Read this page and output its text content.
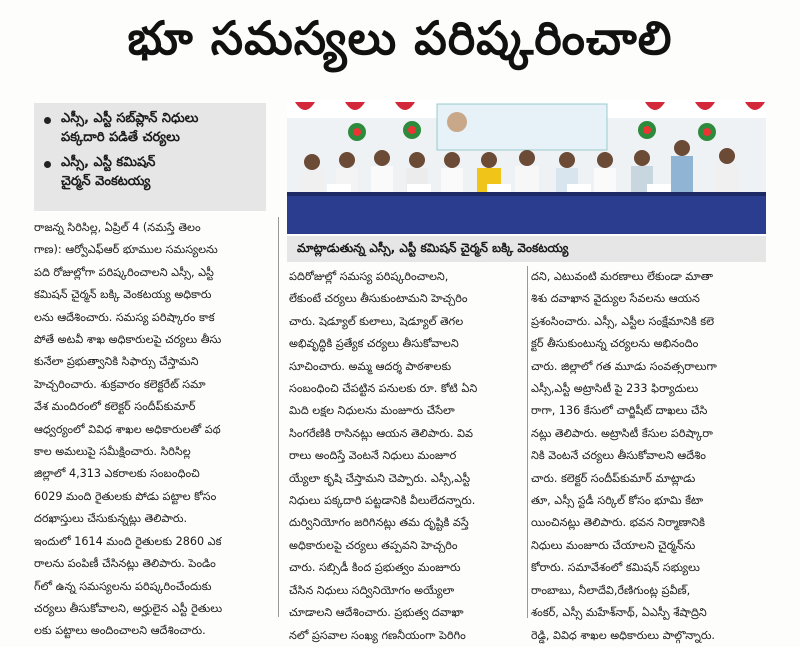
భూ సమస్యలు పరిష్కరించాలి
ఎస్సీ, ఎస్టీ సబ్‌ప్లాన్‌ నిధులు
పక్కదారి పడితే చర్యలు
ఎస్సీ, ఎస్టీ కమిషన్‌
చైర్మన్‌ వెంకటయ్య
మాట్లాడుతున్న ఎస్సీ, ఎస్టీ కమిషన్‌ చైర్మన్‌ బక్కి వెంకటయ్య
రాజన్న సిరిసిల్ల, ఏప్రిల్‌ 4 (నమస్తే తెలం
గాణ): ఆర్వోఎఫ్‌ఆర్‌ భూముల సమస్యలను
పది రోజుల్లోగా పరిష్కరించాలని ఎస్సీ, ఎస్టీ
కమిషన్‌ చైర్మన్‌ బక్కి వెంకటయ్య అధికారు
లను ఆదేశించారు. సమస్య పరిష్కారం కాక
పోతే అటవీ శాఖ అధికారులపై చర్యలు తీసు
కునేలా ప్రభుత్వానికి సిఫార్సు చేస్తామని
హెచ్చరించారు. శుక్రవారం కలెక్టరేట్‌ సమా
వేశ మందిరంలో కలెక్టర్‌ సందీప్‌కుమార్‌
ఆధ్వర్యంలో వివిధ శాఖల అధికారులతో పథ
కాల అమలుపై సమీక్షించారు. సిరిసిల్ల
జిల్లాలో 4,313 ఎకరాలకు సంబంధించి
6029 మంది రైతులకు పోడు పట్టాల కోసం
దరఖాస్తులు చేసుకున్నట్లు తెలిపారు.
ఇందులో 1614 మంది రైతులకు 2860 ఎక
రాలను పంపిణీ చేసినట్లు తెలిపారు. పెండిం
గ్‌లో ఉన్న సమస్యలను పరిష్కరించేందుకు
చర్యలు తీసుకోవాలని, అర్హులైన ఎస్టీ రైతులు
లకు పట్టాలు అందించాలని ఆదేశించారు.
పదిరోజుల్లో సమస్య పరిష్కరించాలని,
లేకుంటే చర్యలు తీసుకుంటామని హెచ్చరిం
చారు. షెడ్యూల్‌ కులాలు, షెడ్యూల్‌ తెగల
అభివృద్ధికి ప్రత్యేక చర్యలు తీసుకోవాలని
సూచించారు. అమ్మ ఆదర్శ పాఠశాలకు
సంబంధించి చేపట్టిన పనులకు రూ. కోటి ఏని
మిది లక్షల నిధులను మంజూరు చేసేలా
సింగరేణికి రాసినట్లు ఆయన తెలిపారు. వివ
రాలు అందిస్తే వెంటనే నిధులు మంజూర
య్యేలా కృషి చేస్తామని చెప్పారు. ఎస్సీ,ఎస్టీ
నిధులు పక్కదారి పట్టడానికి వీలులేదన్నారు.
దుర్వినియోగం జరిగినట్లు తమ దృష్టికి వస్తే
అధికారులపై చర్యలు తప్పవని హెచ్చరిం
చారు. సబ్సిడీ కింద ప్రభుత్వం మంజూరు
చేసిన నిధులు సద్వినియోగం అయ్యేలా
చూడాలని ఆదేశించారు. ప్రభుత్వ దవాఖా
నలో ప్రసవాల సంఖ్య గణనీయంగా పెరిగిం
దని, ఎటువంటి మరణాలు లేకుండా మాతా
శిశు దవాఖాన వైద్యుల సేవలను ఆయన
ప్రశంసించారు. ఎస్సీ, ఎస్టీల సంక్షేమానికి కలె
క్టర్‌ తీసుకుంటున్న చర్యలను అభినందిం
చారు. జిల్లాలో గత మూడు సంవత్సరాలుగా
ఎస్సీ,ఎస్టీ అట్రాసిటీ పై 233 ఫిర్యాదులు
రాగా, 136 కేసులో చార్జిషీట్‌ దాఖలు చేసి
నట్లు తెలిపారు. అట్రాసిటీ కేసుల పరిష్కారా
నికి వెంటనే చర్యలు తీసుకోవాలని ఆదేశిం
చారు. కలెక్టర్‌ సందీప్‌కుమార్‌ మాట్లాడు
తూ, ఎస్సీ స్టడీ సర్కిల్‌ కోసం భూమి కేటా
యించినట్లు తెలిపారు. భవన నిర్మాణానికి
నిధులు మంజూరు చేయాలని చైర్మన్‌ను
కోరారు. సమావేశంలో కమిషన్‌ సభ్యులు
రాంబాబు, నీలాదేవి,రేణిగుంట్ల ప్రవీణ్‌,
శంకర్‌, ఎస్సీ మహేశ్‌నాథ్‌, ఏఎస్పీ శేషాద్రిని
రెడ్డి, వివిధ శాఖల అధికారులు పాల్గొన్నారు.
